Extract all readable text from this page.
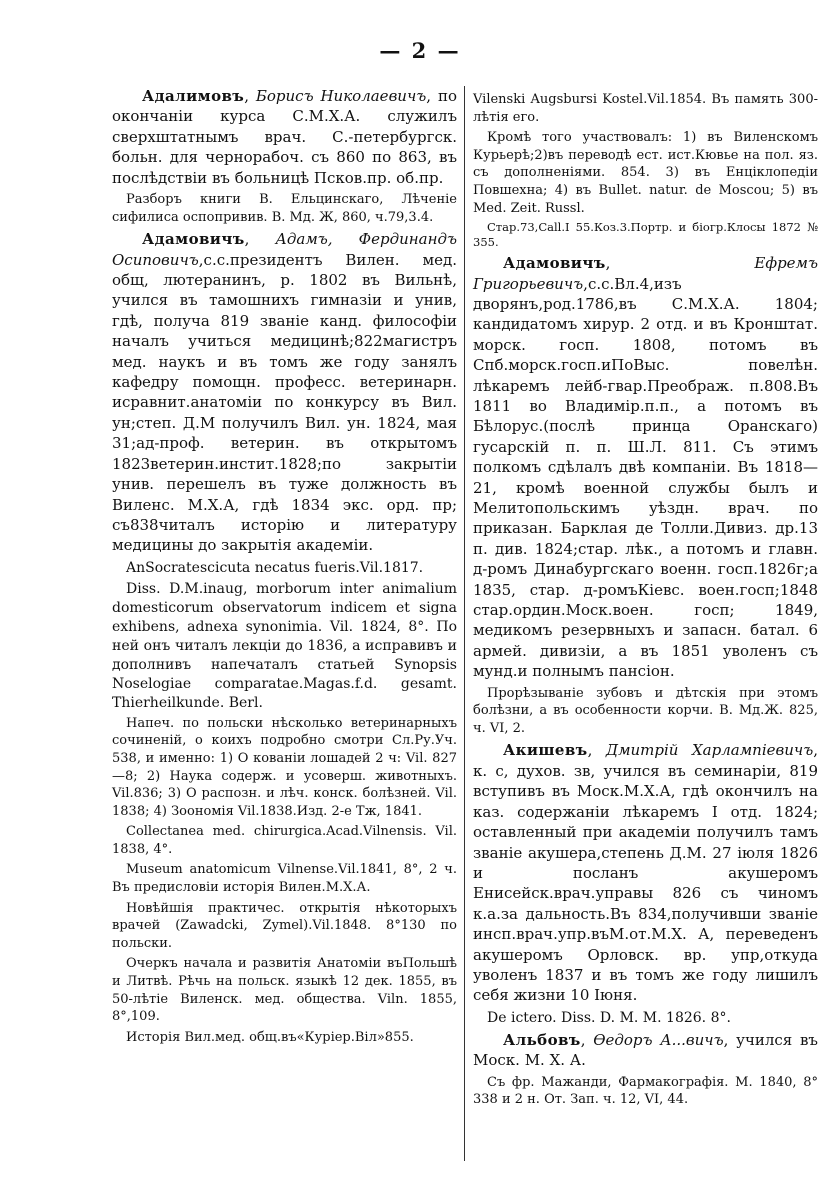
— 2 —

Адалимовъ, Борисъ Николаевичъ, по окончаніи курса С.М.Х.А. служилъ сверхштатнымъ врач. С.-петербургск. больн. для чернорабоч. съ 860 по 863, въ послѣдствіи въ больницѣ Псков.пр. об.пр.

Разборъ книги В. Ельцинскаго, Лѣченіе сифилиса оспопривив. В. Мд. Ж, 860, ч.79,3.4.

Адамовичъ, Адамъ, Фердинандъ Осиповичъ,с.с.президентъ Вилен. мед. общ, лютеранинъ, р. 1802 въ Вильнѣ, учился въ тамошнихъ гимназіи и унив, гдѣ, получа 819 званіе канд. философіи началъ учиться медицинѣ;822магистръ мед. наукъ и въ томъ же году занялъ кафедру помощн. професс. ветеринарн. исравнит.анатоміи по конкурсу въ Вил. ун;степ. Д.М получилъ Вил. ун. 1824, мая 31;ад-проф. ветерин. въ открытомъ 1823ветерин.инстит.1828;по закрытіи унив. перешелъ въ туже должность въ Виленс. М.Х.А, гдѣ 1834 экс. орд. пр; съ838читалъ исторію и литературу медицины до закрытія академіи.

AnSocratescicuta necatus fueris.Vil.1817.

Diss. D.M.inaug, morborum inter animalium domesticorum observatorum indicem et signa exhibens, adnexa synonimia. Vil. 1824, 8°. По ней онъ читалъ лекціи до 1836, а исправивъ и дополнивъ напечаталъ статьей Synopsis Noselogiae comparatae.Magas.f.d. gesamt. Thierheilkunde. Berl.

Напеч. по польски нѣсколько ветеринарныхъ сочиненій, о коихъ подробно смотри Сл.Ру.Уч. 538, и именно: 1) О кованіи лошадей 2 ч: Vil. 827—8; 2) Наука содерж. и усоверш. животныхъ. Vil.836; 3) О распозн. и лѣч. конск. болѣзней. Vil. 1838; 4) Зоономія Vil.1838.Изд. 2-е Тж, 1841.

Collectanea med. chirurgica.Acad.Vilnensis. Vil. 1838, 4°.

Museum anatomicum Vilnense.Vil.1841, 8°, 2 ч. Въ предисловіи исторія Вилен.М.Х.А.

Новѣйшія практичес. открытія нѣкоторыхъ врачей (Zawadcki, Zymel).Vil.1848. 8°130 по польски.

Очеркъ начала и развитія Анатоміи въПольшѣ и Литвѣ. Рѣчь на польск. языкѣ 12 дек. 1855, въ 50-лѣтіе Виленск. мед. общества. Viln. 1855, 8°,109.

Исторія Вил.мед. общ.въ«Куріер.Віл»855.

Vilenski Augsbursi Kostel.Vil.1854. Въ память 300-лѣтія его.

Кромѣ того участвовалъ: 1) въ Виленскомъ Курьерѣ;2)въ переводѣ ест. ист.Кювье на пол. яз. съ дополненіями. 854. 3) въ Енціклопедіи Повшехна; 4) въ Bullet. natur. de Moscou; 5) въ Med. Zeit. Russl.

Стар.73,Call.I 55.Коз.3.Портр. и біогр.Клосы 1872 № 355.

Адамовичъ, Ефремъ Григорьевичъ,с.с.Вл.4,изъ дворянъ,род.1786,въ С.М.Х.А. 1804; кандидатомъ хирур. 2 отд. и въ Кронштат. морск. госп. 1808, потомъ въ Спб.морск.госп.иПоВыс. повелѣн. лѣкаремъ лейб-гвар.Преображ. п.808.Въ 1811 во Владимір.п.п., а потомъ въ Бѣлорус.(послѣ принца Оранскаго) гусарскій п. п. Ш.Л. 811. Съ этимъ полкомъ сдѣлалъ двѣ компаніи. Въ 1818—21, кромѣ военной службы былъ и Мелитопольскимъ уѣздн. врач. по приказан. Барклая де Толли.Дивиз. др.13 п. див. 1824;стар. лѣк., а потомъ и главн. д-ромъ Динабургскаго военн. госп.1826г;а 1835, стар. д-ромъКіевс. воен.госп;1848 стар.ордин.Моск.воен. госп; 1849, медикомъ резервныхъ и запасн. батал. 6 армей. дивизіи, а въ 1851 уволенъ съ мунд.и полнымъ пансіон.

Прорѣзываніе зубовъ и дѣтскія при этомъ болѣзни, а въ особенности корчи. В. Мд.Ж. 825, ч. VI, 2.

Акишевъ, Дмитрій Харлампіевичъ, к. с, духов. зв, учился въ семинаріи, 819 вступивъ въ Моск.М.Х.А, гдѣ окончилъ на каз. содержаніи лѣкаремъ I отд. 1824; оставленный при академіи получилъ тамъ званіе акушера,степень Д.М. 27 іюля 1826 и посланъ акушеромъ Енисейск.врач.управы 826 съ чиномъ к.а.за дальность.Въ 834,получивши званіе инсп.врач.упр.въМ.от.М.Х. А, переведенъ акушеромъ Орловск. вр. упр,откуда уволенъ 1837 и въ томъ же году лишилъ себя жизни 10 Іюня.

De ictero. Diss. D. M. M. 1826. 8°.

Альбовъ, Ѳедоръ А...вичъ, учился въ Моск. М. Х. А.

Съ фр. Мажанди, Фармакографія. М. 1840, 8° 338 и 2 н. От. Зап. ч. 12, VI, 44.
